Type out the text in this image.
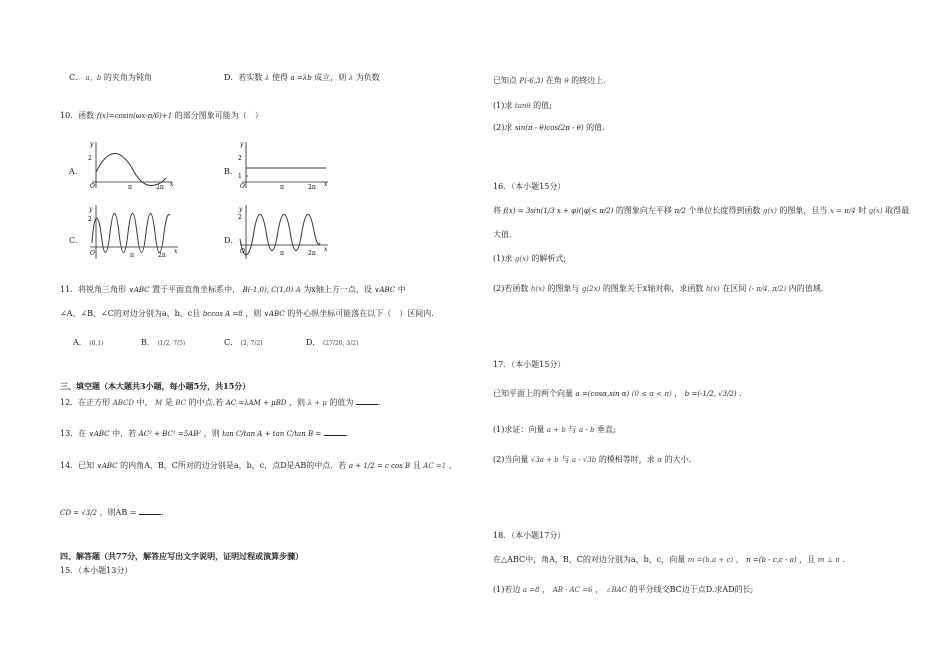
C． a，b 的夹角为钝角	D．若实数 λ 使得 a =λb 成立，则 λ 为负数
10．函数 f(x)=cosin(ωx-π/6)+1 的部分图象可能为（　）
A．
y
2
O	π	2π x
B．
y
2
1
O	π	2π x
C．
y
2
O	π	2π
x
D．
y
2
O	π	2π
x
11．将锐角三角形 ∨ABC 置于平面直角坐标系中， B(-1,0), C(1,0) A 为x轴上方一点，设 ∨ABC 中
∠A、∠B、∠C的对边分别为a、b、c且 bccos A =8 ，则 ∨ABC 的外心纵坐标可能落在以下（　）区间内.
A． (0,1)	B． (1/2, 7/5)	C． (2, 7/2)	D． (27/20, 3/2)
三、填空题（本大题共3小题，每小题5分，共15分）
12．在正方形 ABCD 中， M 是 BC 的中点.若 AC =λAM + μBD ，则 λ + μ 的值为	.
13．在 ∨ABC 中，若 AC² + BC² =5AB² ，则 tan C/tan A + tan C/tan B =	.
14．已知 ∨ABC 的内角A，B，C所对的边分别是a，b，c，点D是AB的中点．若 a + 1/2 = c cos B 且 AC =1 ，
CD = √3/2 ，则AB =	.
四、解答题（共77分，解答应写出文字说明，证明过程或演算步骤）
15．（本小题13分）
已知点 P(-6,3) 在角 θ 的终边上.
(1)求 tanθ 的值;
(2)求 sin(π - θ)cos(2π - θ) 的值.
16．（本小题15分）
将 f(x) = 3sin(1/3 x + φ)(|φ|< π/2) 的图象向左平移 π/2 个单位长度得到函数 g(x) 的图象，且当 x = π/4 时 g(x) 取得最
大值.
(1)求 g(x) 的解析式;
(2)若函数 h(x) 的图象与 g(2x) 的图象关于x轴对称，求函数 h(x) 在区间 (- π/4, π/2) 内的值域.
17．（本小题15分）
已知平面上的两个向量 a =(cosα,sin α) (0 ≤ α < π) ， b =(-1/2, √3/2) .
(1)求证：向量 a + b 与 a - b 垂直;
(2)当向量 √3a + b 与 a - √3b 的模相等时，求 α 的大小.
18．（本小题17分）
在△ABC中，角A，B，C的对边分别为a，b，c，向量 m =(b,a + c) ， n =(b - c,c - a) ，且 m ⊥ n .
(1)若边 a =8 ， AB · AC =6 ， ∠BAC 的平分线交BC边于点D.求AD的长;
